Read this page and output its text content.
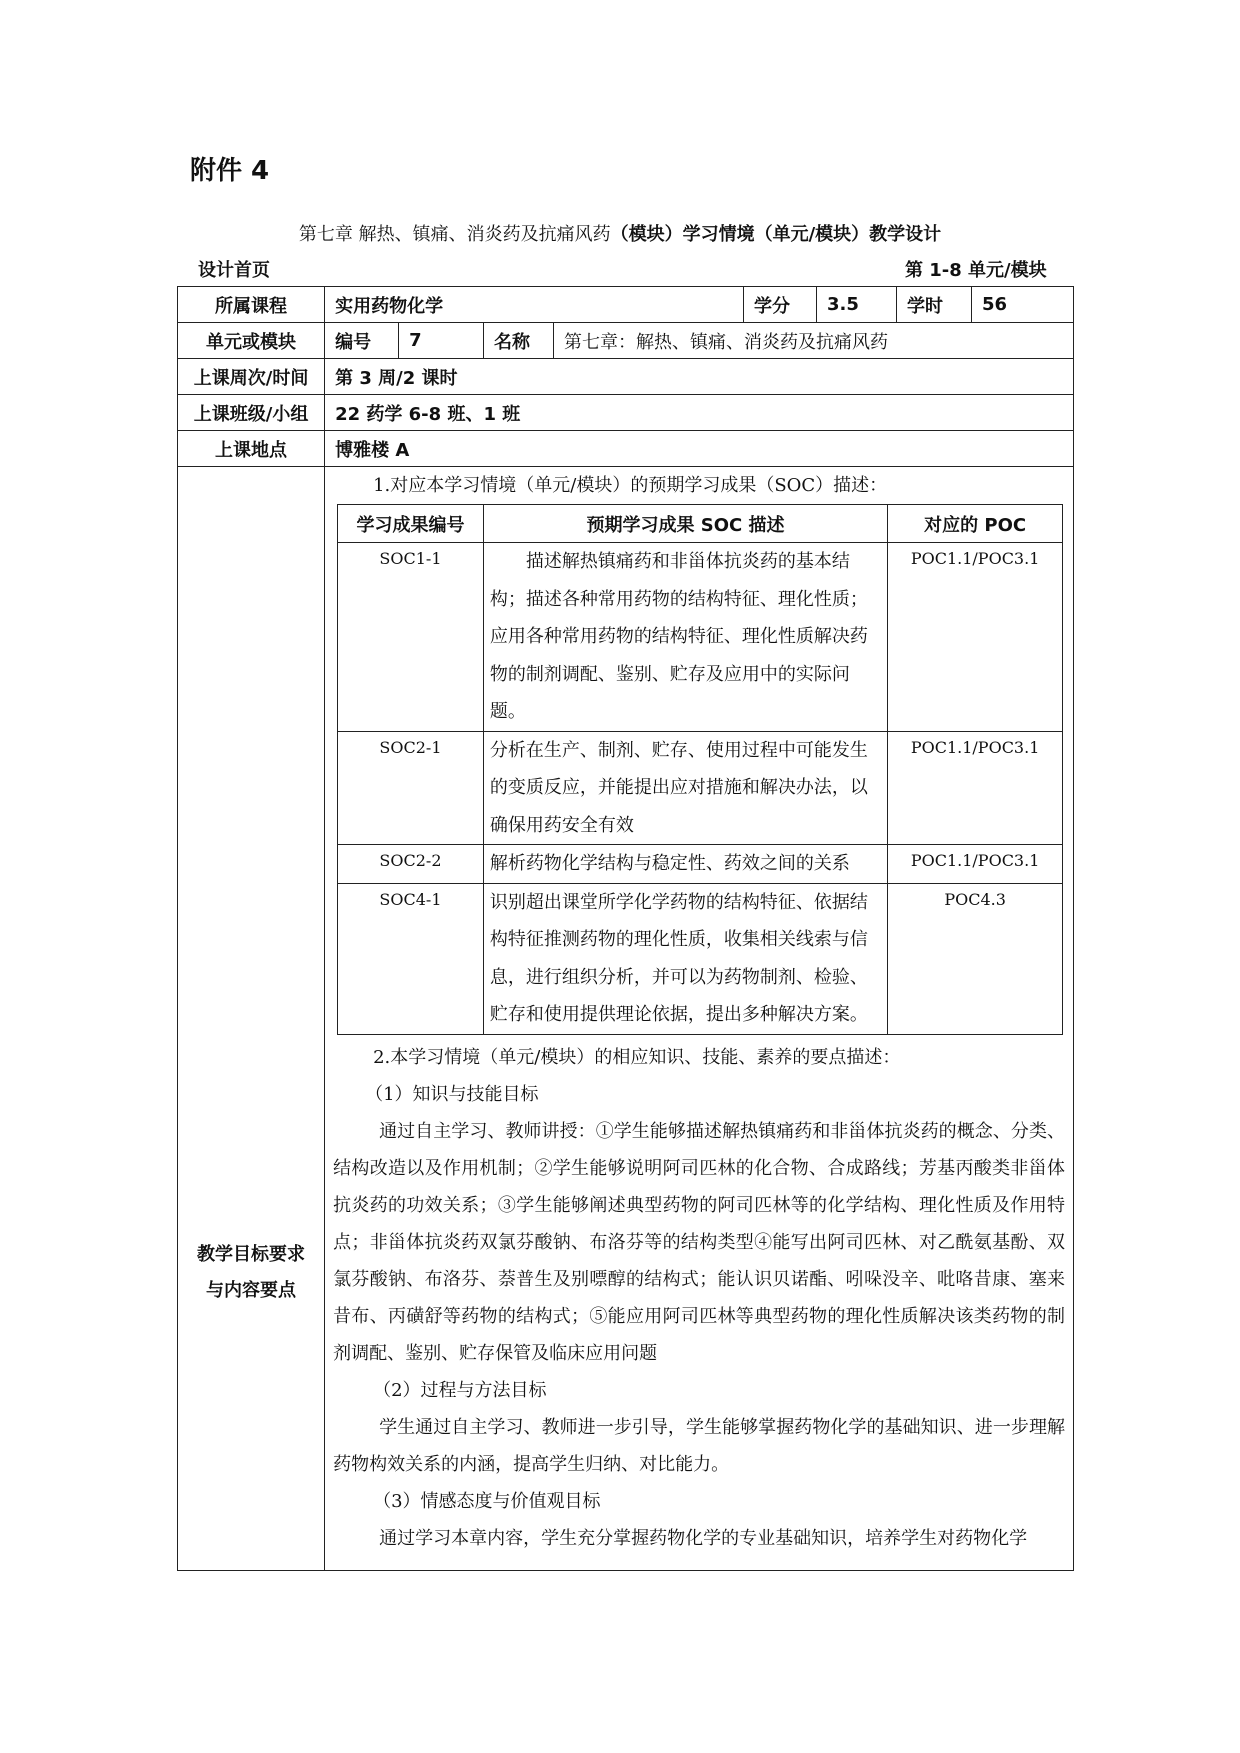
附件 4
第七章 解热、镇痛、消炎药及抗痛风药（模块）学习情境（单元/模块）教学设计
设计首页	第 1-8 单元/模块
所属课程	实用药物化学	学分	3.5	学时	56
单元或模块	编号	7	名称	第七章：解热、镇痛、消炎药及抗痛风药
上课周次/时间	第 3 周/2 课时
上课班级/小组	22 药学 6-8 班、1 班
上课地点	博雅楼 A

教学目标要求
与内容要点

1.对应本学习情境（单元/模块）的预期学习成果（SOC）描述：
学习成果编号	预期学习成果 SOC 描述	对应的 POC
SOC1-1	描述解热镇痛药和非甾体抗炎药的基本结构；描述各种常用药物的结构特征、理化性质；应用各种常用药物的结构特征、理化性质解决药物的制剂调配、鉴别、贮存及应用中的实际问题。	POC1.1/POC3.1
SOC2-1	分析在生产、制剂、贮存、使用过程中可能发生的变质反应，并能提出应对措施和解决办法，以确保用药安全有效	POC1.1/POC3.1
SOC2-2	解析药物化学结构与稳定性、药效之间的关系	POC1.1/POC3.1
SOC4-1	识别超出课堂所学化学药物的结构特征、依据结构特征推测药物的理化性质，收集相关线索与信息，进行组织分析，并可以为药物制剂、检验、贮存和使用提供理论依据，提出多种解决方案。	POC4.3
2.本学习情境（单元/模块）的相应知识、技能、素养的要点描述：
（1）知识与技能目标
通过自主学习、教师讲授：①学生能够描述解热镇痛药和非甾体抗炎药的概念、分类、结构改造以及作用机制；②学生能够说明阿司匹林的化合物、合成路线；芳基丙酸类非甾体抗炎药的功效关系；③学生能够阐述典型药物的阿司匹林等的化学结构、理化性质及作用特点；非甾体抗炎药双氯芬酸钠、布洛芬等的结构类型④能写出阿司匹林、对乙酰氨基酚、双氯芬酸钠、布洛芬、萘普生及别嘌醇的结构式；能认识贝诺酯、吲哚没辛、吡咯昔康、塞来昔布、丙磺舒等药物的结构式；⑤能应用阿司匹林等典型药物的理化性质解决该类药物的制剂调配、鉴别、贮存保管及临床应用问题
（2）过程与方法目标
学生通过自主学习、教师进一步引导，学生能够掌握药物化学的基础知识、进一步理解药物构效关系的内涵，提高学生归纳、对比能力。
（3）情感态度与价值观目标
通过学习本章内容，学生充分掌握药物化学的专业基础知识，培养学生对药物化学
